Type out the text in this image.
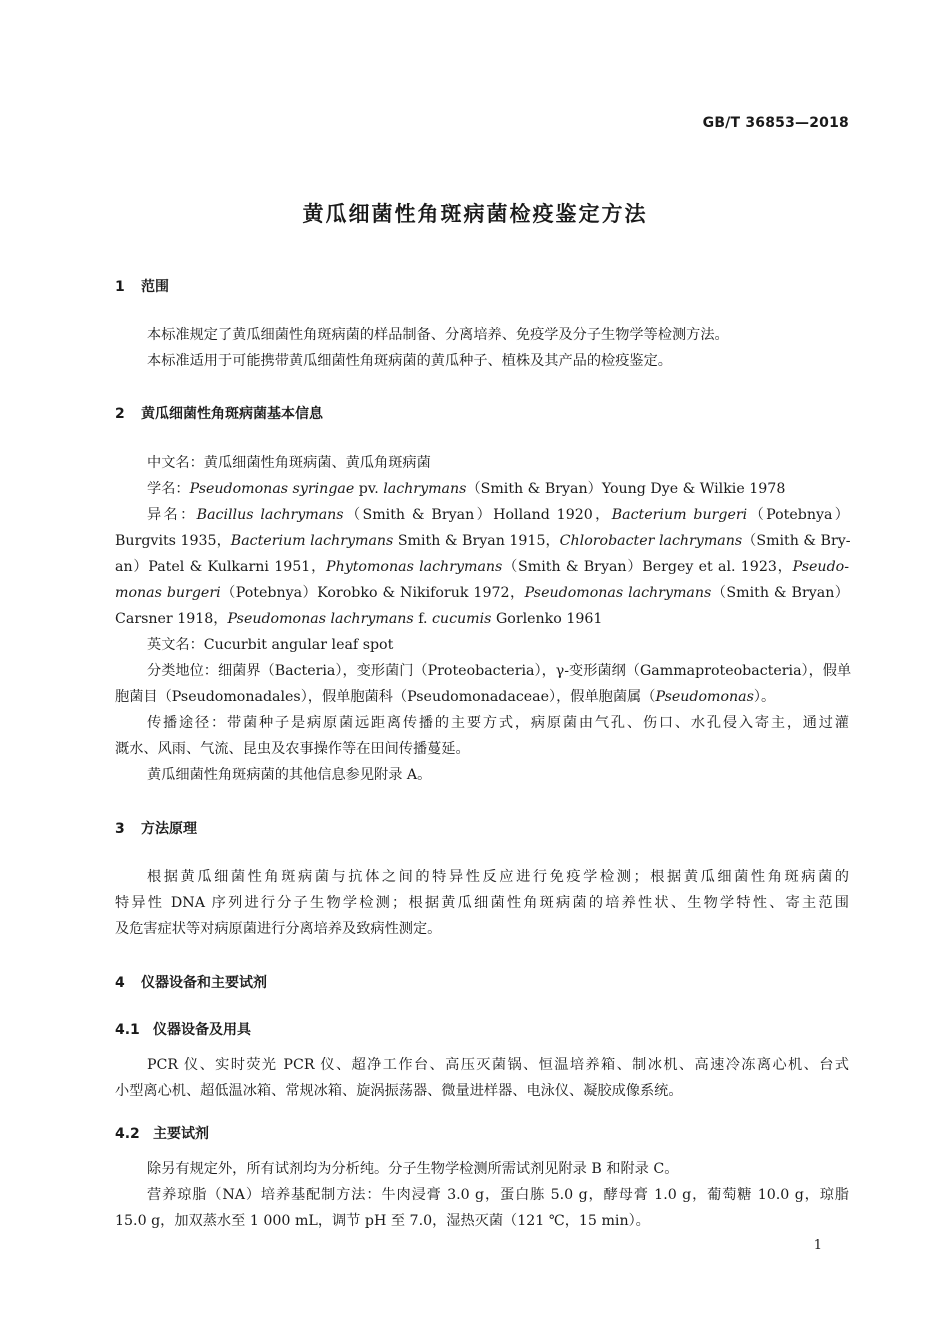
GB/T 36853—2018
黄瓜细菌性角斑病菌检疫鉴定方法
1 范围
本标准规定了黄瓜细菌性角斑病菌的样品制备、分离培养、免疫学及分子生物学等检测方法。
本标准适用于可能携带黄瓜细菌性角斑病菌的黄瓜种子、植株及其产品的检疫鉴定。
2 黄瓜细菌性角斑病菌基本信息
中文名：黄瓜细菌性角斑病菌、黄瓜角斑病菌
学名：Pseudomonas syringae pv. lachrymans（Smith & Bryan）Young Dye & Wilkie 1978
异名：Bacillus lachrymans（Smith & Bryan）Holland 1920，Bacterium burgeri（Potebnya）
Burgvits 1935，Bacterium lachrymans Smith & Bryan 1915，Chlorobacter lachrymans（Smith & Bry-
an）Patel & Kulkarni 1951，Phytomonas lachrymans（Smith & Bryan）Bergey et al. 1923，Pseudo-
monas burgeri（Potebnya）Korobko & Nikiforuk 1972，Pseudomonas lachrymans（Smith & Bryan）
Carsner 1918，Pseudomonas lachrymans f. cucumis Gorlenko 1961
英文名：Cucurbit angular leaf spot
分类地位：细菌界（Bacteria），变形菌门（Proteobacteria），γ-变形菌纲（Gammaproteobacteria），假单
胞菌目（Pseudomonadales），假单胞菌科（Pseudomonadaceae），假单胞菌属（Pseudomonas）。
传播途径：带菌种子是病原菌远距离传播的主要方式，病原菌由气孔、伤口、水孔侵入寄主，通过灌
溉水、风雨、气流、昆虫及农事操作等在田间传播蔓延。
黄瓜细菌性角斑病菌的其他信息参见附录 A。
3 方法原理
根据黄瓜细菌性角斑病菌与抗体之间的特异性反应进行免疫学检测；根据黄瓜细菌性角斑病菌的
特异性 DNA 序列进行分子生物学检测；根据黄瓜细菌性角斑病菌的培养性状、生物学特性、寄主范围
及危害症状等对病原菌进行分离培养及致病性测定。
4 仪器设备和主要试剂
4.1 仪器设备及用具
PCR 仪、实时荧光 PCR 仪、超净工作台、高压灭菌锅、恒温培养箱、制冰机、高速冷冻离心机、台式
小型离心机、超低温冰箱、常规冰箱、旋涡振荡器、微量进样器、电泳仪、凝胶成像系统。
4.2 主要试剂
除另有规定外，所有试剂均为分析纯。分子生物学检测所需试剂见附录 B 和附录 C。
营养琼脂（NA）培养基配制方法：牛肉浸膏 3.0 g，蛋白胨 5.0 g，酵母膏 1.0 g，葡萄糖 10.0 g，琼脂
15.0 g，加双蒸水至 1 000 mL，调节 pH 至 7.0，湿热灭菌（121 ℃，15 min）。
1
